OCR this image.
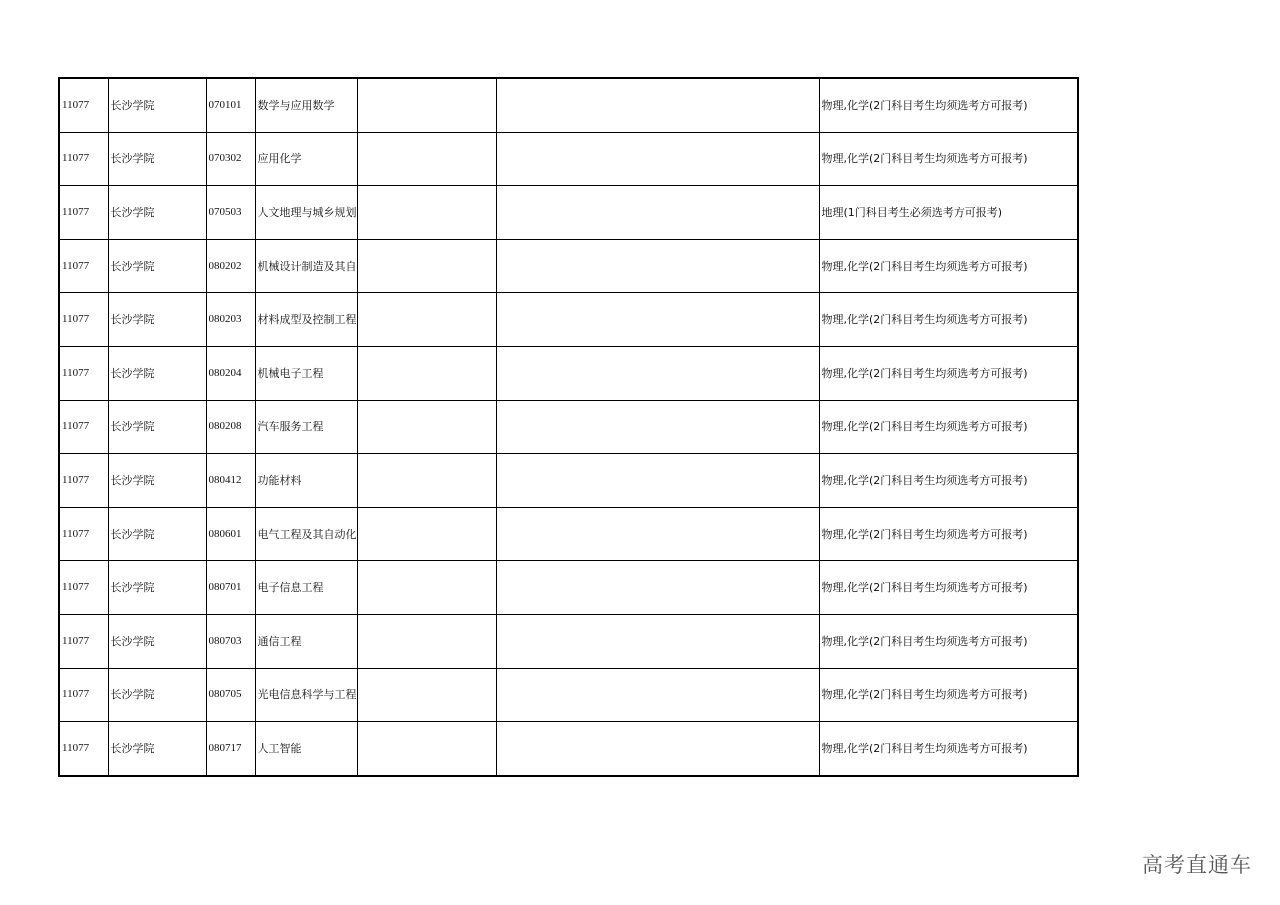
11077	长沙学院	070101	数学与应用数学			物理,化学(2门科目考生均须选考方可报考)
11077	长沙学院	070302	应用化学			物理,化学(2门科目考生均须选考方可报考)
11077	长沙学院	070503	人文地理与城乡规划			地理(1门科目考生必须选考方可报考)
11077	长沙学院	080202	机械设计制造及其自			物理,化学(2门科目考生均须选考方可报考)
11077	长沙学院	080203	材料成型及控制工程			物理,化学(2门科目考生均须选考方可报考)
11077	长沙学院	080204	机械电子工程			物理,化学(2门科目考生均须选考方可报考)
11077	长沙学院	080208	汽车服务工程			物理,化学(2门科目考生均须选考方可报考)
11077	长沙学院	080412	功能材料			物理,化学(2门科目考生均须选考方可报考)
11077	长沙学院	080601	电气工程及其自动化			物理,化学(2门科目考生均须选考方可报考)
11077	长沙学院	080701	电子信息工程			物理,化学(2门科目考生均须选考方可报考)
11077	长沙学院	080703	通信工程			物理,化学(2门科目考生均须选考方可报考)
11077	长沙学院	080705	光电信息科学与工程			物理,化学(2门科目考生均须选考方可报考)
11077	长沙学院	080717	人工智能			物理,化学(2门科目考生均须选考方可报考)
高考直通车
